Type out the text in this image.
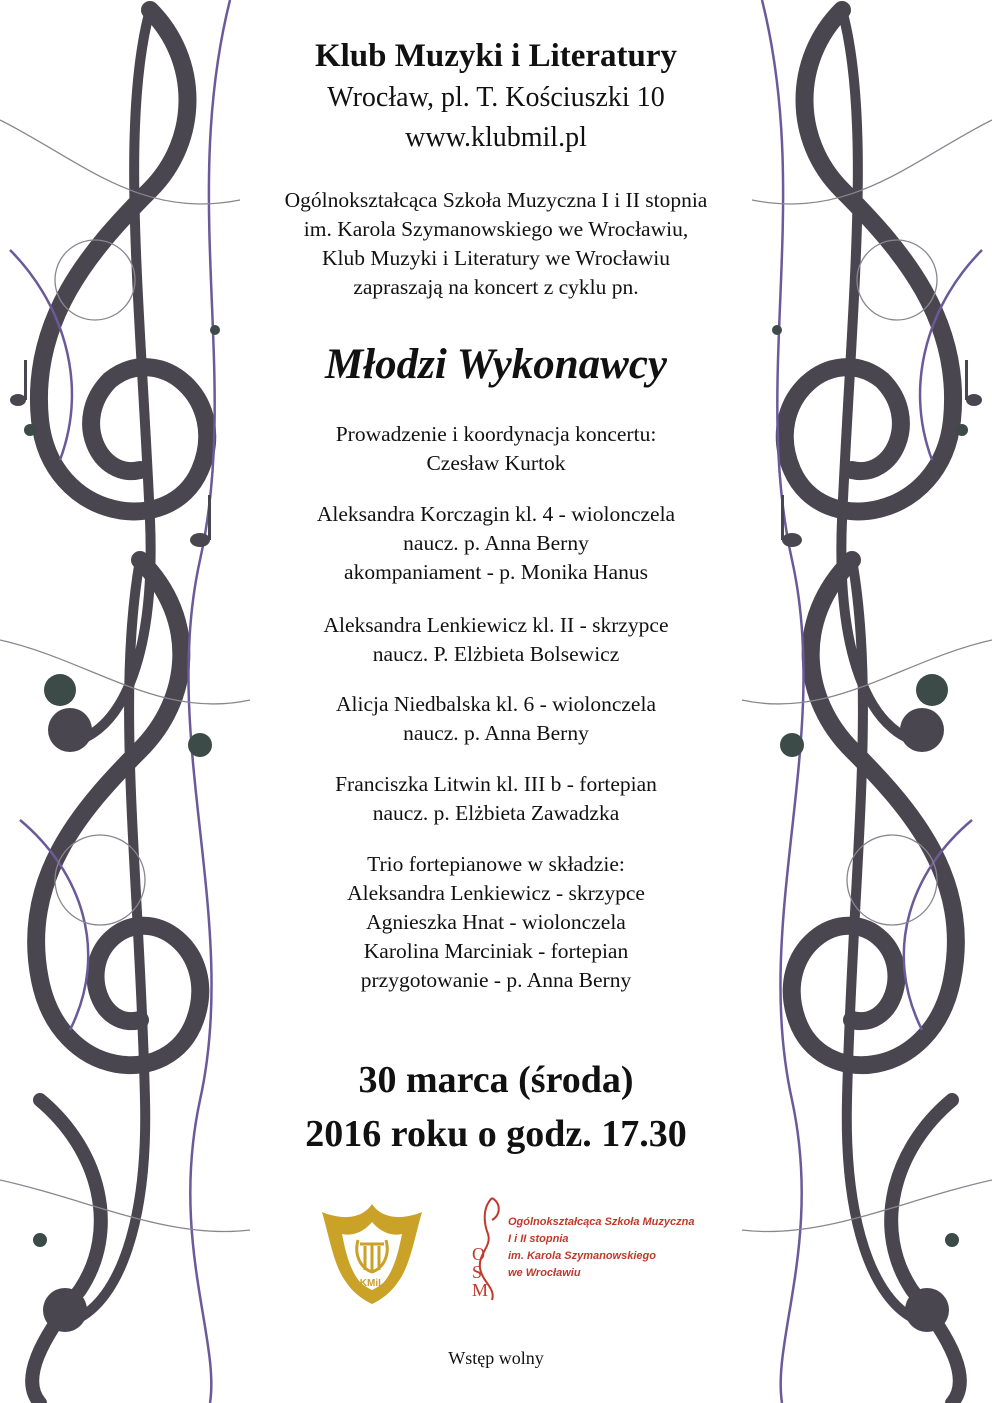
Klub Muzyki i Literatury
Wrocław, pl. T. Kościuszki 10
www.klubmil.pl
Ogólnokształcąca Szkoła Muzyczna I i II stopnia
im. Karola Szymanowskiego we Wrocławiu,
Klub Muzyki i Literatury we Wrocławiu
zapraszają na koncert z cyklu pn.
Młodzi Wykonawcy
Prowadzenie i koordynacja koncertu:
Czesław Kurtok
Aleksandra Korczagin kl. 4 - wiolonczela
naucz. p. Anna Berny
akompaniament - p. Monika Hanus
Aleksandra Lenkiewicz kl. II - skrzypce
naucz. P. Elżbieta Bolsewicz
Alicja Niedbalska kl. 6 - wiolonczela
naucz. p. Anna Berny
Franciszka Litwin kl. III b - fortepian
naucz. p. Elżbieta Zawadzka
Trio fortepianowe w składzie:
Aleksandra Lenkiewicz - skrzypce
Agnieszka Hnat - wiolonczela
Karolina Marciniak - fortepian
przygotowanie - p. Anna Berny
30 marca (środa)
2016 roku o godz. 17.30
W
KMiL
O
S
M
Ogólnokształcąca Szkoła Muzyczna
I i II stopnia
im. Karola Szymanowskiego
we Wrocławiu
Wstęp wolny
